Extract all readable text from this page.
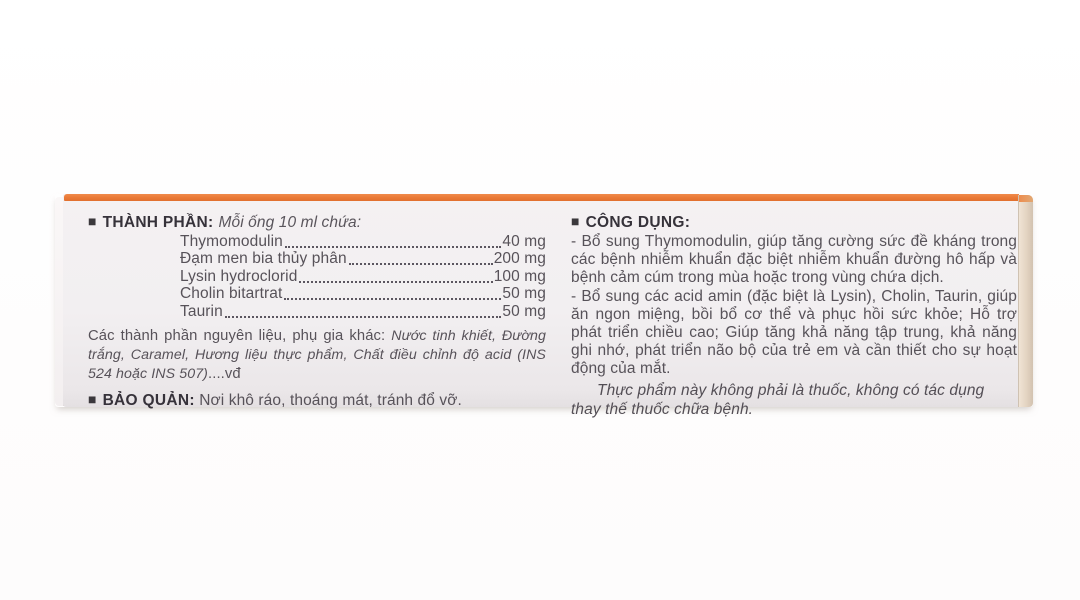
■ THÀNH PHẦN: Mỗi ống 10 ml chứa:
Thymomodulin	40 mg
Đạm men bia thủy phân	200 mg
Lysin hydroclorid	100 mg
Cholin bitartrat	50 mg
Taurin	50 mg

Các thành phần nguyên liệu, phụ gia khác: Nước tinh khiết, Đường trắng, Caramel, Hương liệu thực phẩm, Chất điều chỉnh độ acid (INS 524 hoặc INS 507)....vđ

■ BẢO QUẢN: Nơi khô ráo, thoáng mát, tránh đổ vỡ.
■ CÔNG DỤNG:

- Bổ sung Thymomodulin, giúp tăng cường sức đề kháng trong các bệnh nhiễm khuẩn đặc biệt nhiễm khuẩn đường hô hấp và bệnh cảm cúm trong mùa hoặc trong vùng chứa dịch.

- Bổ sung các acid amin (đặc biệt là Lysin), Cholin, Taurin, giúp ăn ngon miệng, bồi bổ cơ thể và phục hồi sức khỏe; Hỗ trợ phát triển chiều cao; Giúp tăng khả năng tập trung, khả năng ghi nhớ, phát triển não bộ của trẻ em và cần thiết cho sự hoạt động của mắt.

Thực phẩm này không phải là thuốc, không có tác dụng thay thế thuốc chữa bệnh.
